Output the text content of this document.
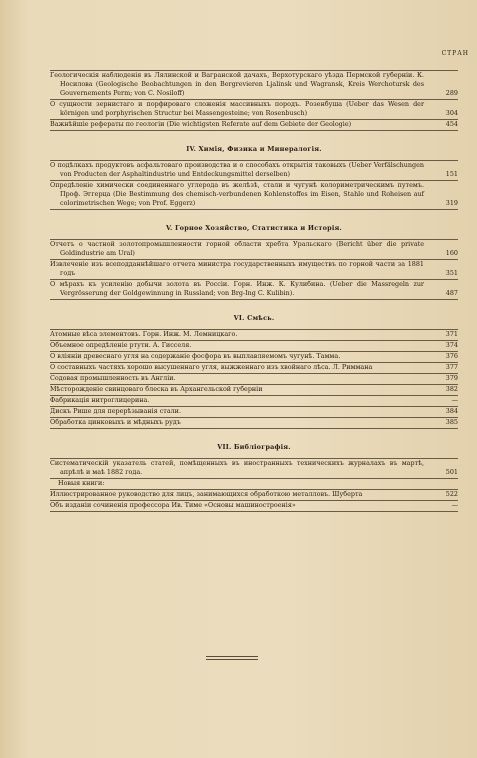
СТРАН
Геологическія наблюденія въ Лялинской и Вагранской дачахъ, Верхотурскаго уѣзда Пермской губерніи. К. Носилова (Geologische Beobachtungen in den Bergrevieren Ljalinsk und Wagransk, Kreis Werchotursk des Gouvernements Perm; von C. Nosiloff)	289
О сущности зернистаго и порфироваго сложенія массивныхъ породъ. Розенбуша (Ueber das Wesen der körnigen und porphyrischen Structur bei Massengesteine; von Rosenbusch)	304
Важнѣйшіе рефераты по геологіи (Die wichtigsten Referate auf dem Gebiete der Geologie)	454
IV. Химія, Физика и Минералогія.
О подѣлкахъ продуктовъ асфальтоваго производства и о способахъ открытія таковыхъ (Ueber Verfälschungen von Producten der Asphaltindustrie und Entdeckungsmittel derselben)	151
Опредѣленіе химически соединеннаго углерода въ желѣзѣ, стали и чугунѣ колориметрическимъ путемъ. Проф. Эггерца (Die Bestimmung des chemisch-verbundenen Kohlenstoffes im Eisen, Stahle und Roheisen auf colorimetrischen Wege; von Prof. Eggerz)	319
V. Горное Хозяйство, Статистика и Исторія.
Отчетъ о частной золотопромышленности горной области хребта Уральскаго (Bericht über die private Goldindustrie am Ural)	160
Извлеченіе изъ всеподданнѣйшаго отчета министра государственныхъ имуществъ по горной части за 1881 годъ	351
О мѣрахъ къ усиленію добычи золота въ Россіи. Горн. Инж. К. Кулибина. (Ueber die Massregeln zur Vergrösserung der Goldgewinnung in Russland; von Brg-Ing C. Kulibin).	487
VI. Смѣсь.
Атомные вѣса элементовъ. Горн. Инж. М. Лемницкаго.	371
Объемное опредѣленіе ртути. А. Гисселя.	374
О вліяніи древеснаго угля на содержаніе фосфора въ выплавляемомъ чугунѣ. Тамма.	376
О составныхъ частяхъ хорошо высушеннаго угля, выжженнаго изъ хвойнаго лѣса. Л. Риммана	377
Содовая промышленность въ Англіи.	379
Мѣсторожденіе свинцоваго блеска въ Архангельской губерніи	382
Фабрикація нитроглицерина.	—
Дискъ Рише для перерѣзыванія стали.	384
Обработка цинковыхъ и мѣдныхъ рудъ	385
VII. Библіографія.
Систематическій указатель статей, помѣщенныхъ въ иностранныхъ техническихъ журналахъ въ мартѣ, апрѣлѣ и маѣ 1882 года.	501
Новыя книги:
Иллюстрированное руководство для лицъ, занимающихся обработкою металловъ. Шуберта	522
Объ изданіи сочиненія профессора Ив. Тиме «Основы машиностроенія»	—
